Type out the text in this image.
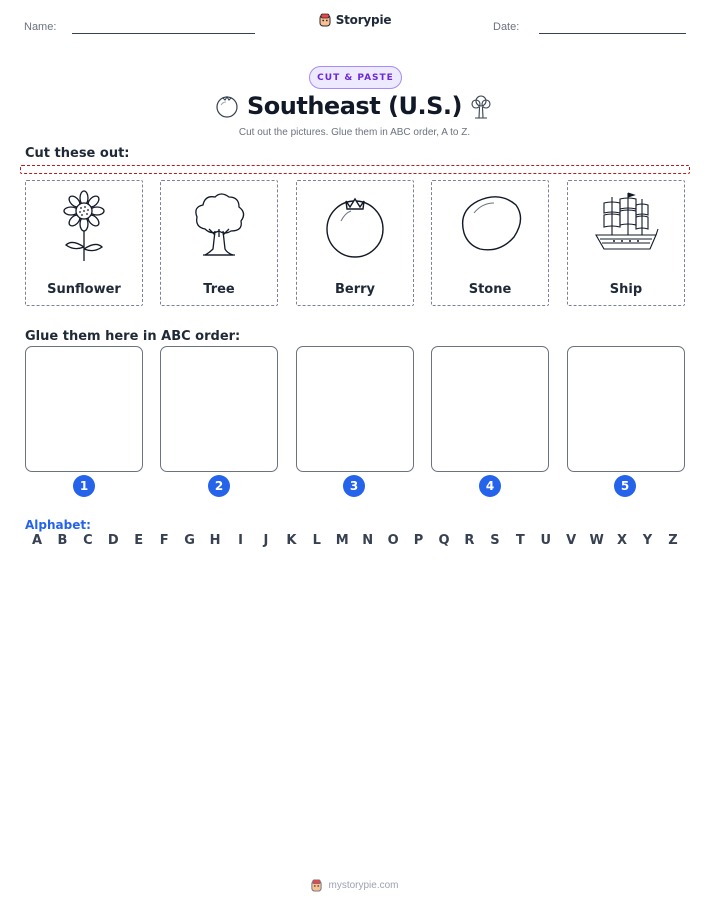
Name:	Storypie	Date:
CUT & PASTE
Southeast (U.S.)
Cut out the pictures. Glue them in ABC order, A to Z.
Cut these out:
Sunflower	Tree	Berry	Stone	Ship
Glue them here in ABC order:
1	2	3	4	5
Alphabet:
A	B	C	D	E	F	G	H	I	J	K	L	M	N	O	P	Q	R	S	T	U	V	W	X	Y	Z
mystorypie.com
